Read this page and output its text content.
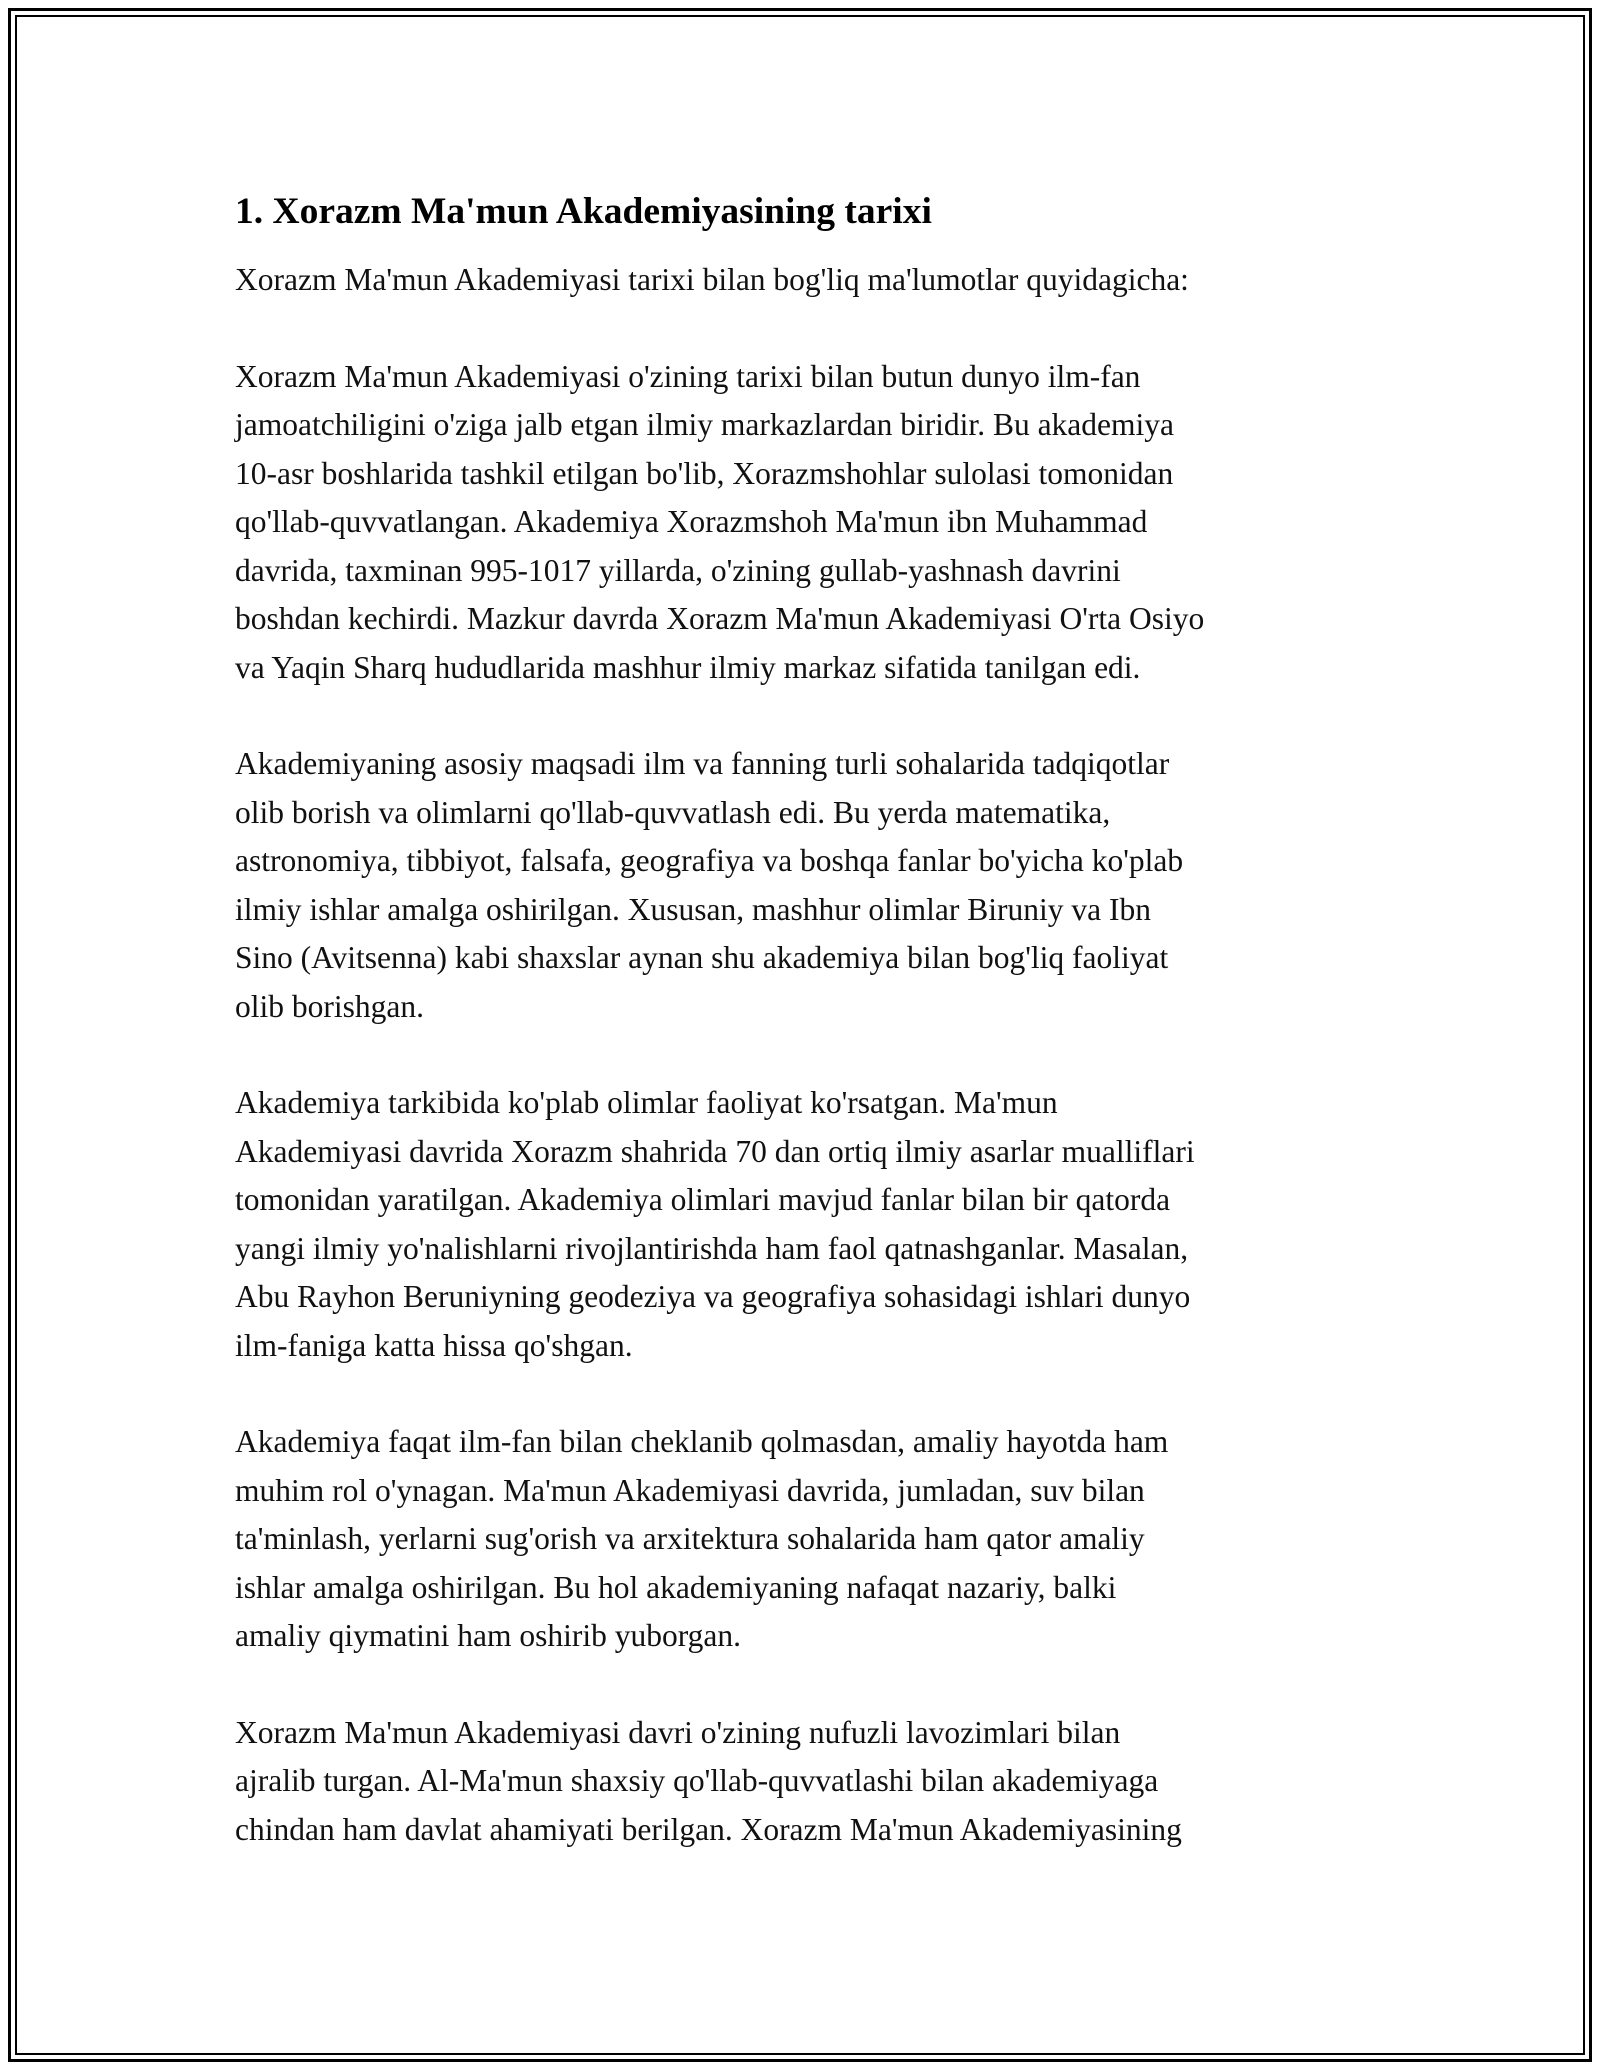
1. Xorazm Ma'mun Akademiyasining tarixi
Xorazm Ma'mun Akademiyasi tarixi bilan bog'liq ma'lumotlar quyidagicha:
Xorazm Ma'mun Akademiyasi o'zining tarixi bilan butun dunyo ilm-fan
jamoatchiligini o'ziga jalb etgan ilmiy markazlardan biridir. Bu akademiya
10-asr boshlarida tashkil etilgan bo'lib, Xorazmshohlar sulolasi tomonidan
qo'llab-quvvatlangan. Akademiya Xorazmshoh Ma'mun ibn Muhammad
davrida, taxminan 995-1017 yillarda, o'zining gullab-yashnash davrini
boshdan kechirdi. Mazkur davrda Xorazm Ma'mun Akademiyasi O'rta Osiyo
va Yaqin Sharq hududlarida mashhur ilmiy markaz sifatida tanilgan edi.
Akademiyaning asosiy maqsadi ilm va fanning turli sohalarida tadqiqotlar
olib borish va olimlarni qo'llab-quvvatlash edi. Bu yerda matematika,
astronomiya, tibbiyot, falsafa, geografiya va boshqa fanlar bo'yicha ko'plab
ilmiy ishlar amalga oshirilgan. Xususan, mashhur olimlar Biruniy va Ibn
Sino (Avitsenna) kabi shaxslar aynan shu akademiya bilan bog'liq faoliyat
olib borishgan.
Akademiya tarkibida ko'plab olimlar faoliyat ko'rsatgan. Ma'mun
Akademiyasi davrida Xorazm shahrida 70 dan ortiq ilmiy asarlar mualliflari
tomonidan yaratilgan. Akademiya olimlari mavjud fanlar bilan bir qatorda
yangi ilmiy yo'nalishlarni rivojlantirishda ham faol qatnashganlar. Masalan,
Abu Rayhon Beruniyning geodeziya va geografiya sohasidagi ishlari dunyo
ilm-faniga katta hissa qo'shgan.
Akademiya faqat ilm-fan bilan cheklanib qolmasdan, amaliy hayotda ham
muhim rol o'ynagan. Ma'mun Akademiyasi davrida, jumladan, suv bilan
ta'minlash, yerlarni sug'orish va arxitektura sohalarida ham qator amaliy
ishlar amalga oshirilgan. Bu hol akademiyaning nafaqat nazariy, balki
amaliy qiymatini ham oshirib yuborgan.
Xorazm Ma'mun Akademiyasi davri o'zining nufuzli lavozimlari bilan
ajralib turgan. Al-Ma'mun shaxsiy qo'llab-quvvatlashi bilan akademiyaga
chindan ham davlat ahamiyati berilgan. Xorazm Ma'mun Akademiyasining
